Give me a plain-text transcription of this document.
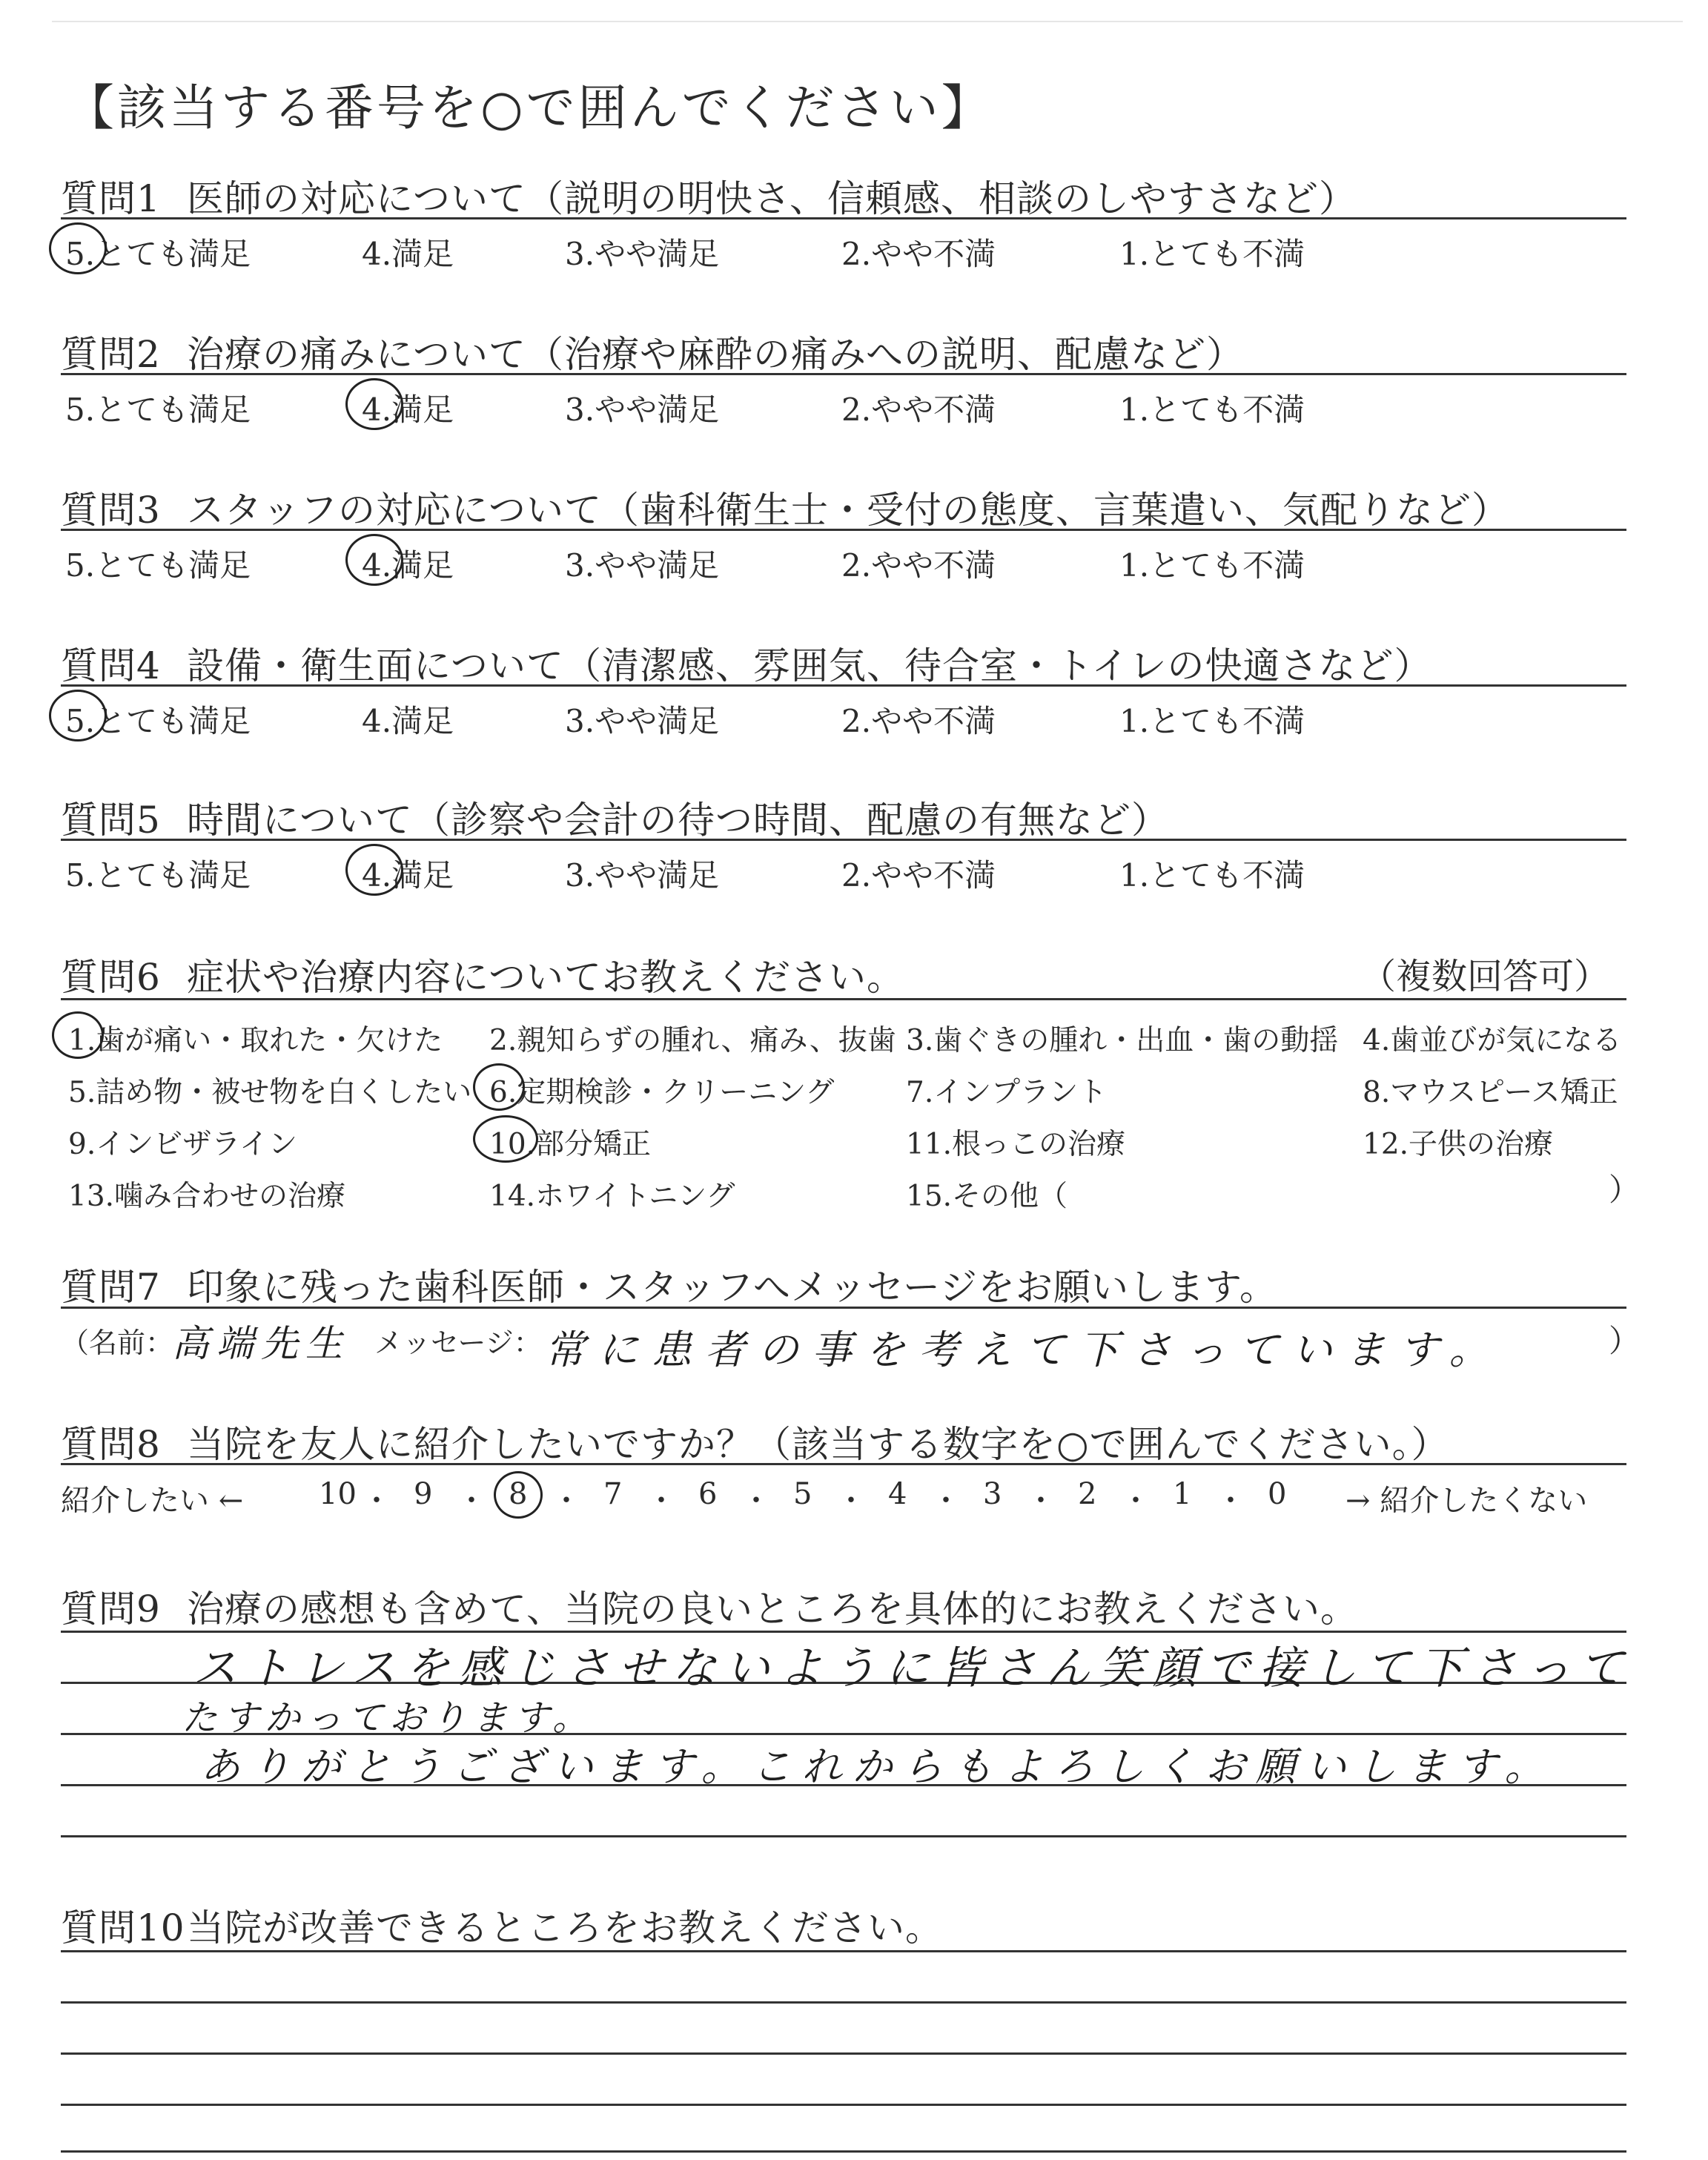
【該当する番号を○で囲んでください】
質問1 医師の対応について（説明の明快さ、信頼感、相談のしやすさなど）
5.とても満足	4.満足	3.やや満足	2.やや不満	1.とても不満
質問2 治療の痛みについて（治療や麻酔の痛みへの説明、配慮など）
5.とても満足	4.満足	3.やや満足	2.やや不満	1.とても不満
質問3 スタッフの対応について（歯科衛生士・受付の態度、言葉遣い、気配りなど）
5.とても満足	4.満足	3.やや満足	2.やや不満	1.とても不満
質問4 設備・衛生面について（清潔感、雰囲気、待合室・トイレの快適さなど）
5.とても満足	4.満足	3.やや満足	2.やや不満	1.とても不満
質問5 時間について（診察や会計の待つ時間、配慮の有無など）
5.とても満足	4.満足	3.やや満足	2.やや不満	1.とても不満
質問6 症状や治療内容についてお教えください。	（複数回答可）
1.歯が痛い・取れた・欠けた 2.親知らずの腫れ、痛み、抜歯 3.歯ぐきの腫れ・出血・歯の動揺 4.歯並びが気になる
5.詰め物・被せ物を白くしたい 6.定期検診・クリーニング 7.インプラント	8.マウスピース矯正
9.インビザライン	10.部分矯正	11.根っこの治療	12.子供の治療
13.噛み合わせの治療	14.ホワイトニング	15.その他（	）
質問7 印象に残った歯科医師・スタッフへメッセージをお願いします。
（名前：
高端先生 メッセージ： 常に患者の事を考えて下さっています。	）
質問8 当院を友人に紹介したいですか？（該当する数字を○で囲んでください。）
紹介したい ←	10 ・ 9 ・ 8 ・ 7 ・ 6 ・ 5 ・ 4 ・ 3 ・ 2 ・ 1 ・ 0 → 紹介したくない
質問9 治療の感想も含めて、当院の良いところを具体的にお教えください。
ストレスを感じさせないように皆さん笑顔で接して下さって
たすかっております。
ありがとうございます。これからもよろしくお願いします。
質問10当院が改善できるところをお教えください。
